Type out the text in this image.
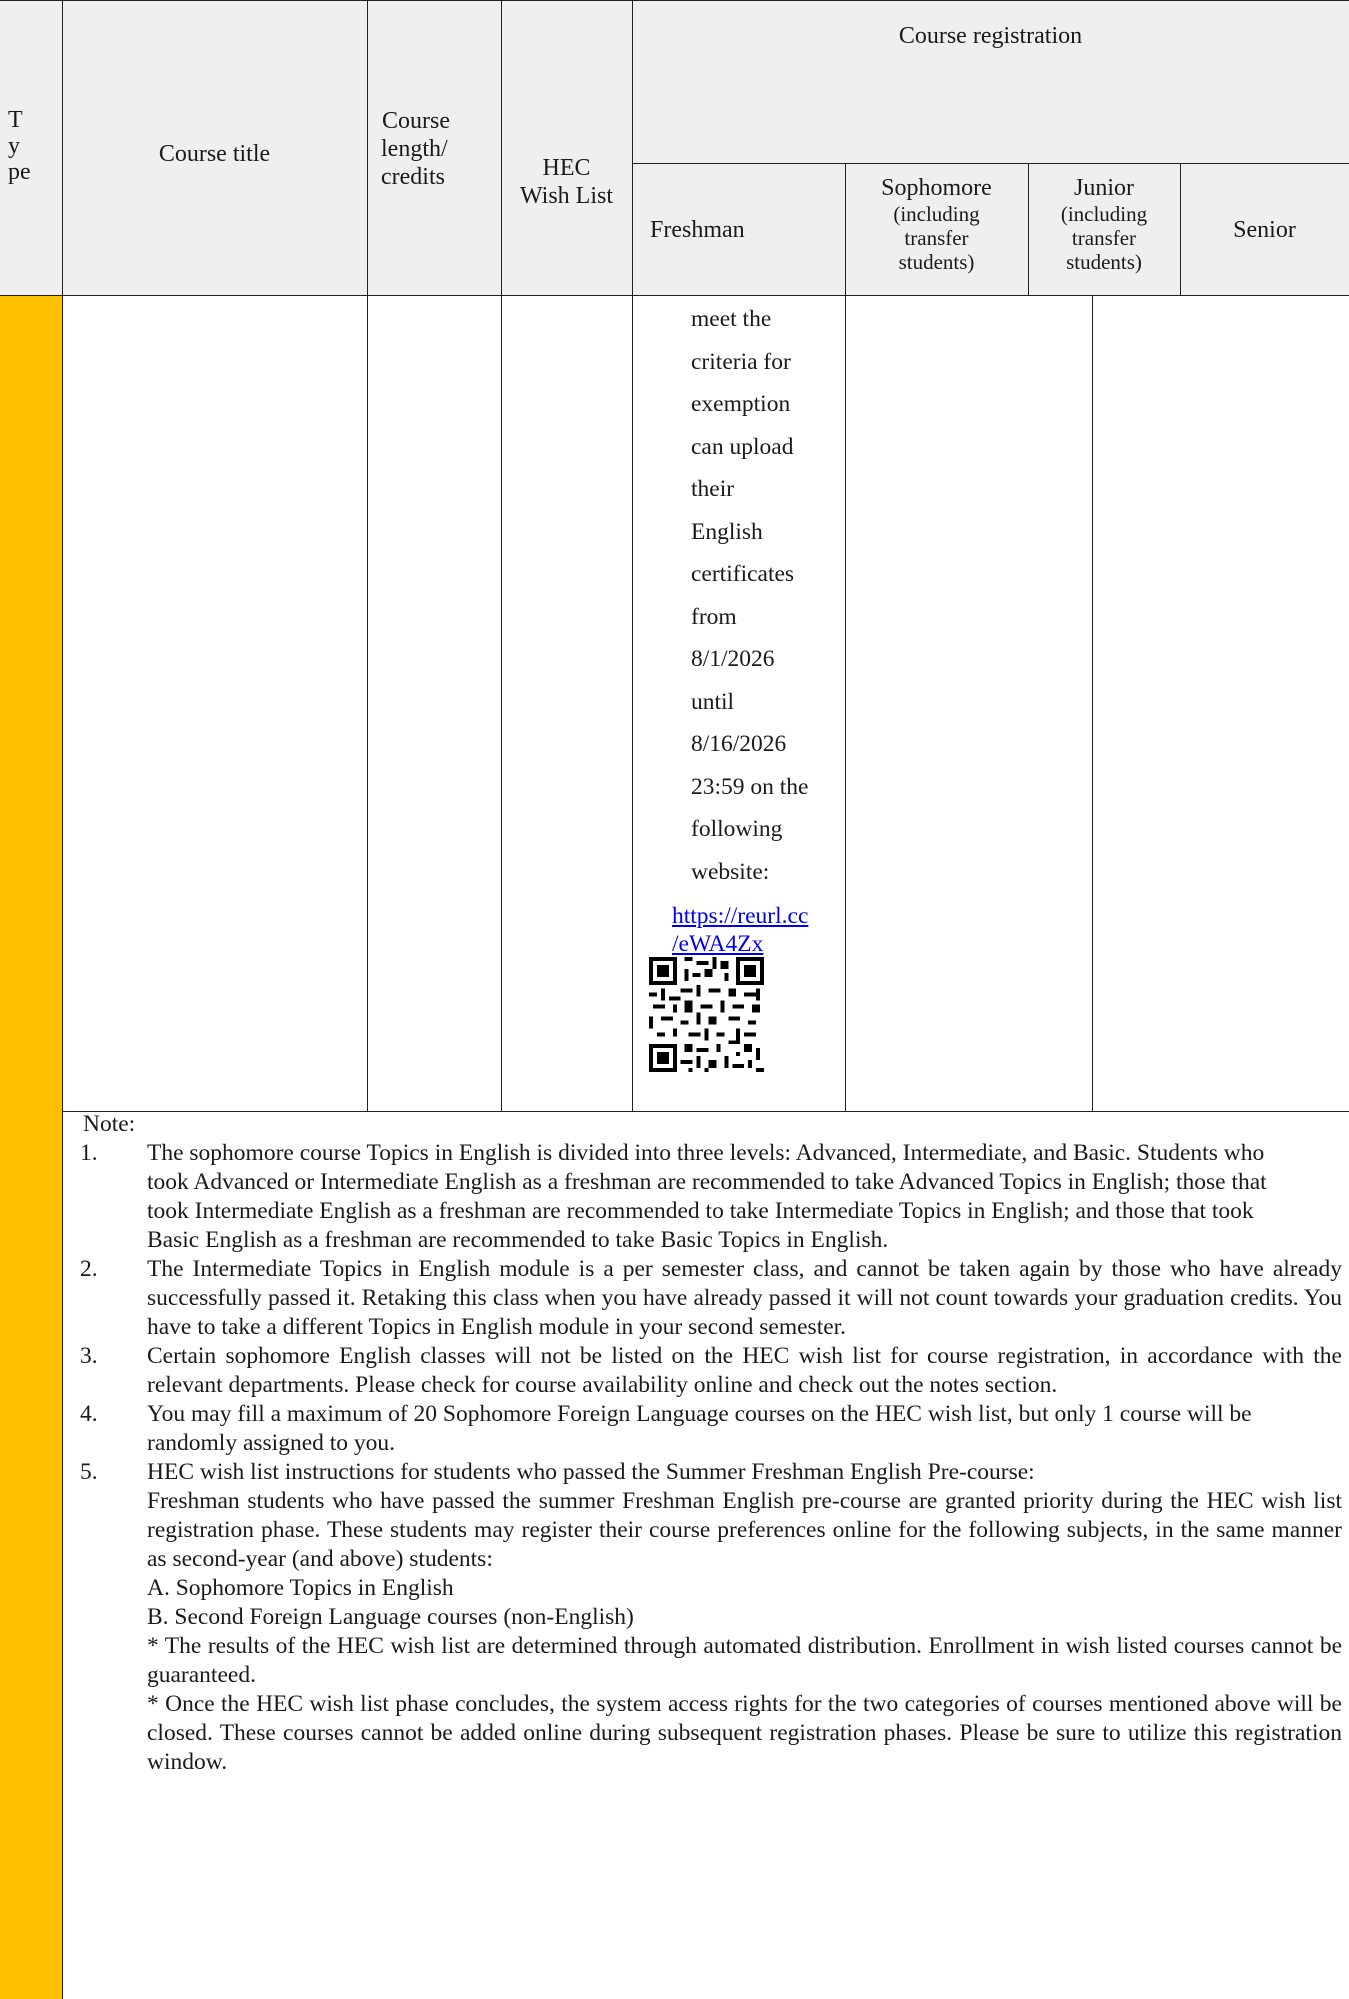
T
y
pe
Course title
Course
length/
credits	HEC
Wish List
Course registration
Freshman
Sophomore
(including
transfer
students)
Junior
(including
transfer
students)
Senior
meet the
criteria for
exemption
can upload
their
English
certificates
from
8/1/2026
until
8/16/2026
23:59 on the
following
website:
https://reurl.cc
/eWA4Zx
Note:
1. The sophomore course Topics in English is divided into three levels: Advanced, Intermediate, and Basic. Students who took Advanced or Intermediate English as a freshman are recommended to take Advanced Topics in English; those that took Intermediate English as a freshman are recommended to take Intermediate Topics in English; and those that took Basic English as a freshman are recommended to take Basic Topics in English.
2. The Intermediate Topics in English module is a per semester class, and cannot be taken again by those who have already successfully passed it. Retaking this class when you have already passed it will not count towards your graduation credits. You have to take a different Topics in English module in your second semester.
3. Certain sophomore English classes will not be listed on the HEC wish list for course registration, in accordance with the relevant departments. Please check for course availability online and check out the notes section.
4. You may fill a maximum of 20 Sophomore Foreign Language courses on the HEC wish list, but only 1 course will be randomly assigned to you.
5. HEC wish list instructions for students who passed the Summer Freshman English Pre-course:
Freshman students who have passed the summer Freshman English pre-course are granted priority during the HEC wish list registration phase. These students may register their course preferences online for the following subjects, in the same manner as second-year (and above) students:
A. Sophomore Topics in English
B. Second Foreign Language courses (non-English)
* The results of the HEC wish list are determined through automated distribution. Enrollment in wish listed courses cannot be guaranteed.
* Once the HEC wish list phase concludes, the system access rights for the two categories of courses mentioned above will be closed. These courses cannot be added online during subsequent registration phases. Please be sure to utilize this registration window.
